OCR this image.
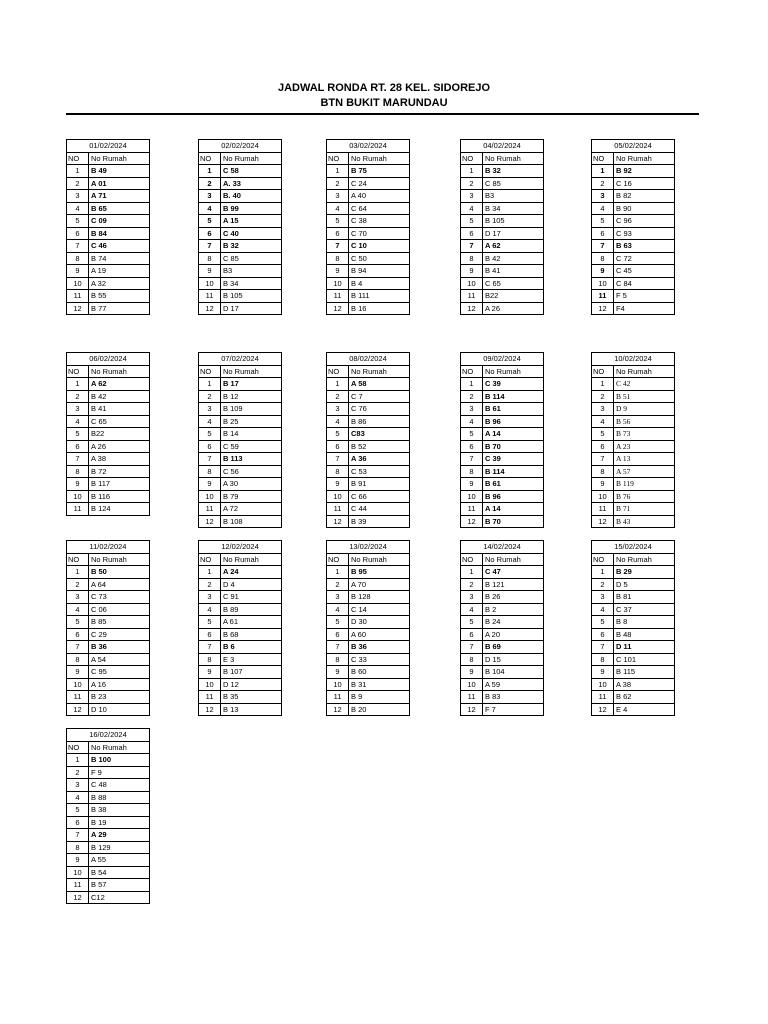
JADWAL RONDA RT. 28 KEL. SIDOREJO
BTN BUKIT MARUNDAU
01/02/2024	
NO	No Rumah
1	B 49
2	A 01
3	A 71
4	B 65
5	C 09
6	B 84
7	C 46
8	B 74
9	A 19
10	A 32
11	B 55
12	B 77
02/02/2024	
NO	No Rumah
1	C 58
2	A. 33
3	B. 40
4	B 99
5	A 15
6	C 40
7	B 32
8	C 85
9	B3
10	B 34
11	B 105
12	D 17
03/02/2024	
NO	No Rumah
1	B 75
2	C 24
3	A 40
4	C 64
5	C 38
6	C 70
7	C 10
8	C 50
9	B 94
10	B 4
11	B 111
12	B 16
04/02/2024	
NO	No Rumah
1	B 32
2	C 85
3	B3
4	B 34
5	B 105
6	D 17
7	A 62
8	B 42
9	B 41
10	C 65
11	B22
12	A 26
05/02/2024	
NO	No Rumah
1	B 92
2	C 16
3	B 82
4	B 90
5	C 96
6	C 93
7	B 63
8	C 72
9	C 45
10	C 84
11	F 5
12	F4
06/02/2024	
NO	No Rumah
1	A 62
2	B 42
3	B 41
4	C 65
5	B22
6	A 26
7	A 38
8	B 72
9	B 117
10	B 116
11	B 124
07/02/2024	
NO	No Rumah
1	B 17
2	B 12
3	B 109
4	B 25
5	B 14
6	C 59
7	B 113
8	C 56
9	A 30
10	B 79
11	A 72
12	B 108
08/02/2024	
NO	No Rumah
1	A 58
2	C 7
3	C 76
4	B 86
5	C83
6	B 52
7	A 36
8	C 53
9	B 91
10	C 66
11	C 44
12	B 39
09/02/2024	
NO	No Rumah
1	C 39
2	B 114
3	B 61
4	B 96
5	A 14
6	B 70
7	C 39
8	B 114
9	B 61
10	B 96
11	A 14
12	B 70
10/02/2024	
NO	No Rumah
1	C 42
2	B 51
3	D 9
4	B 56
5	B 73
6	A 23
7	A 13
8	A 57
9	B 119
10	B 76
11	B 71
12	B 43
11/02/2024	
NO	No Rumah
1	B 50
2	A 64
3	C 73
4	C 06
5	B 85
6	C 29
7	B 36
8	A 54
9	C 95
10	A 16
11	B 23
12	D 10
12/02/2024	
NO	No Rumah
1	A 24
2	D 4
3	C 91
4	B 89
5	A 61
6	B 68
7	B 6
8	E 3
9	B 107
10	D 12
11	B 35
12	B 13
13/02/2024	
NO	No Rumah
1	B 95
2	A 70
3	B 128
4	C 14
5	D 30
6	A 60
7	B 36
8	C 33
9	B 60
10	B 31
11	B 9
12	B 20
14/02/2024	
NO	No Rumah
1	C 47
2	B 121
3	B 26
4	B 2
5	B 24
6	A 20
7	B 69
8	D 15
9	B 104
10	A 59
11	B 83
12	F 7
15/02/2024	
NO	No Rumah
1	B 29
2	D 5
3	B 81
4	C 37
5	B 8
6	B 48
7	D 11
8	C 101
9	B 115
10	A 38
11	B 62
12	E 4
16/02/2024	
NO	No Rumah
1	B 100
2	F 9
3	C 48
4	B 88
5	B 38
6	B 19
7	A 29
8	B 129
9	A 55
10	B 54
11	B 57
12	C12
